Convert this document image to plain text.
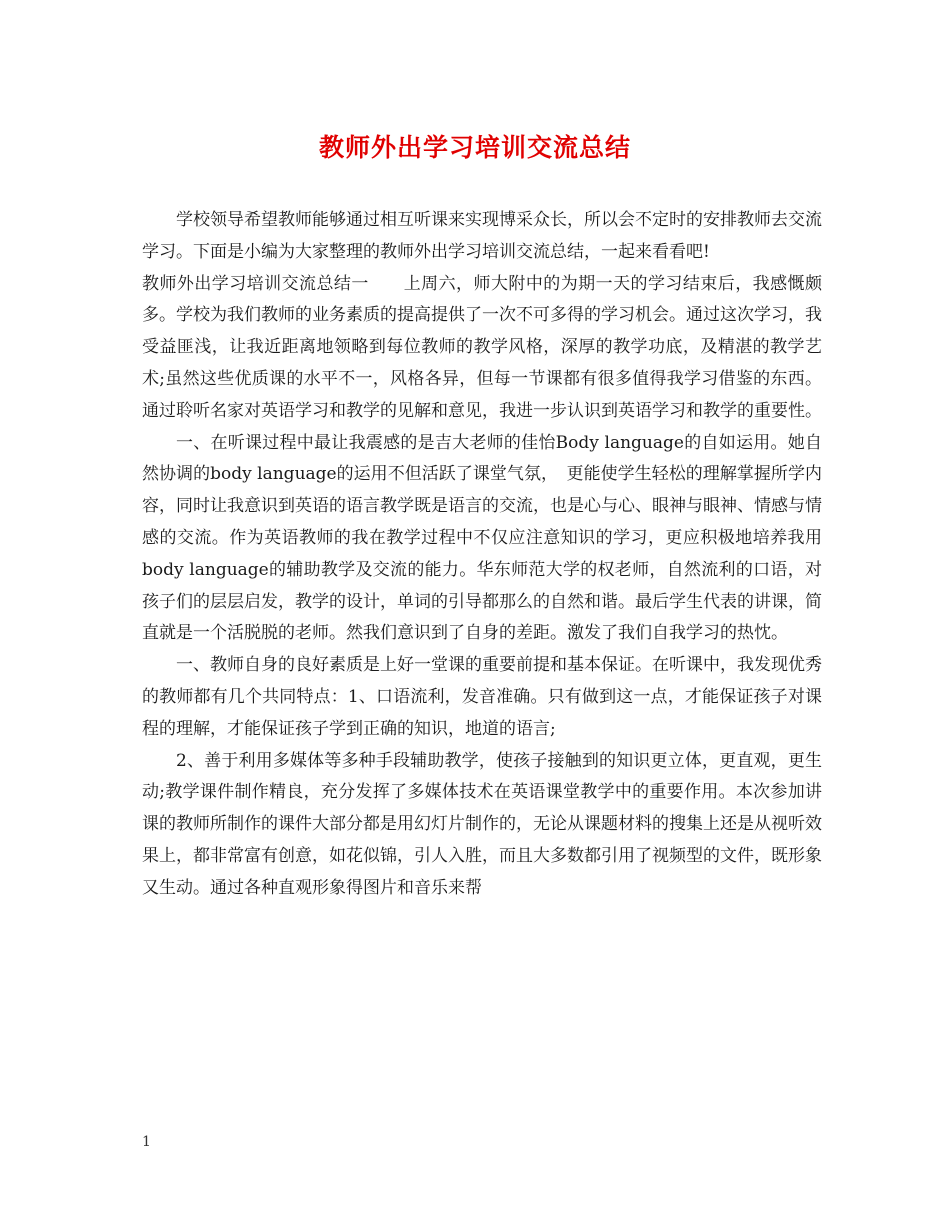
教师外出学习培训交流总结

学校领导希望教师能够通过相互听课来实现博采众长，所以会不定时的安排教师去交流学习。下面是小编为大家整理的教师外出学习培训交流总结，一起来看看吧!

教师外出学习培训交流总结一　　上周六，师大附中的为期一天的学习结束后，我感慨颇多。学校为我们教师的业务素质的提高提供了一次不可多得的学习机会。通过这次学习，我受益匪浅，让我近距离地领略到每位教师的教学风格，深厚的教学功底，及精湛的教学艺术;虽然这些优质课的水平不一，风格各异，但每一节课都有很多值得我学习借鉴的东西。通过聆听名家对英语学习和教学的见解和意见，我进一步认识到英语学习和教学的重要性。

一、在听课过程中最让我震感的是吉大老师的佳怡Body language的自如运用。她自然协调的body language的运用不但活跃了课堂气氛，　更能使学生轻松的理解掌握所学内容，同时让我意识到英语的语言教学既是语言的交流，也是心与心、眼神与眼神、情感与情感的交流。作为英语教师的我在教学过程中不仅应注意知识的学习，更应积极地培养我用body language的辅助教学及交流的能力。华东师范大学的权老师，自然流利的口语，对孩子们的层层启发，教学的设计，单词的引导都那么的自然和谐。最后学生代表的讲课，简直就是一个活脱脱的老师。然我们意识到了自身的差距。激发了我们自我学习的热忱。

一、教师自身的良好素质是上好一堂课的重要前提和基本保证。在听课中，我发现优秀的教师都有几个共同特点：1、口语流利，发音准确。只有做到这一点，才能保证孩子对课程的理解，才能保证孩子学到正确的知识，地道的语言;

2、善于利用多媒体等多种手段辅助教学，使孩子接触到的知识更立体，更直观，更生动;教学课件制作精良，充分发挥了多媒体技术在英语课堂教学中的重要作用。本次参加讲课的教师所制作的课件大部分都是用幻灯片制作的，无论从课题材料的搜集上还是从视听效果上，都非常富有创意，如花似锦，引人入胜，而且大多数都引用了视频型的文件，既形象又生动。通过各种直观形象得图片和音乐来帮

1
